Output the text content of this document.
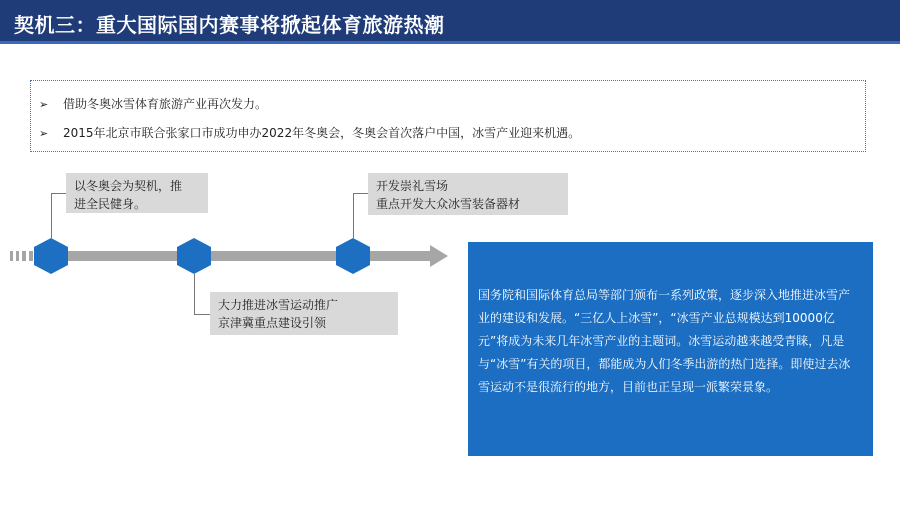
契机三：重大国际国内赛事将掀起体育旅游热潮
➢ 借助冬奥冰雪体育旅游产业再次发力。
➢ 2015年北京市联合张家口市成功申办2022年冬奥会，冬奥会首次落户中国，冰雪产业迎来机遇。
以冬奥会为契机，推
进全民健身。
开发崇礼雪场
重点开发大众冰雪装备器材
大力推进冰雪运动推广
京津冀重点建设引领
国务院和国际体育总局等部门颁布一系列政策，逐步深入地推进冰雪产业的建设和发展。“三亿人上冰雪”，“冰雪产业总规模达到10000亿元”将成为未来几年冰雪产业的主题词。冰雪运动越来越受青睐，凡是与“冰雪”有关的项目，都能成为人们冬季出游的热门选择。即使过去冰雪运动不是很流行的地方，目前也正呈现一派繁荣景象。
